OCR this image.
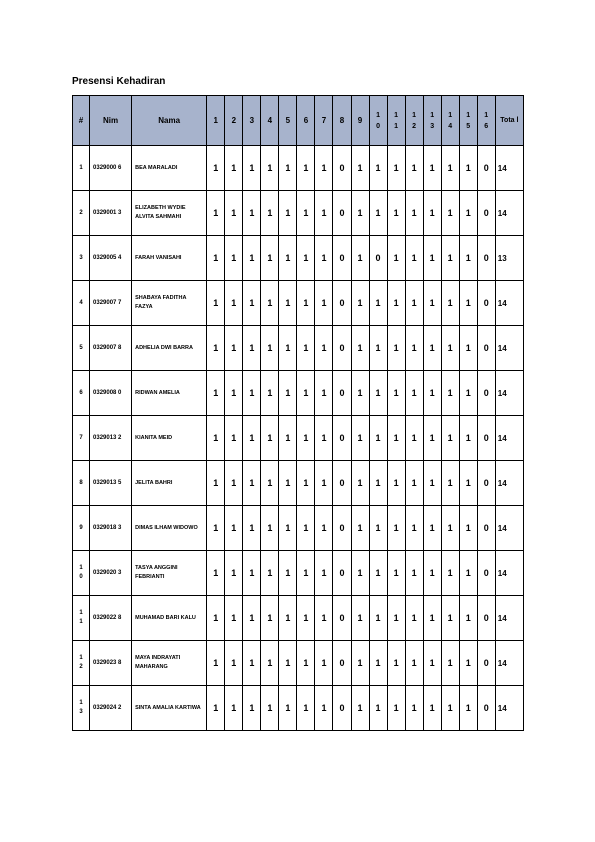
Presensi Kehadiran
#	Nim	Nama	1	2	3	4	5	6	7	8	9	1 0	1 1	1 2	1 3	1 4	1 5	1 6	Tota l
1	0329000 6	BEA MARALADI	1	1	1	1	1	1	1	0	1	1	1	1	1	1	1	0	14
2	0329001 3	ELIZABETH WYDIE ALVITA SAHMAHI	1	1	1	1	1	1	1	0	1	1	1	1	1	1	1	0	14
3	0329005 4	FARAH VANISAHI	1	1	1	1	1	1	1	0	1	0	1	1	1	1	1	0	13
4	0329007 7	SHABAYA FADITHA FAZYA	1	1	1	1	1	1	1	0	1	1	1	1	1	1	1	0	14
5	0329007 8	ADHELIA DWI BARRA	1	1	1	1	1	1	1	0	1	1	1	1	1	1	1	0	14
6	0329008 0	RIDWAN AMELIA	1	1	1	1	1	1	1	0	1	1	1	1	1	1	1	0	14
7	0329013 2	KIANITA MEID	1	1	1	1	1	1	1	0	1	1	1	1	1	1	1	0	14
8	0329013 5	JELITA BAHRI	1	1	1	1	1	1	1	0	1	1	1	1	1	1	1	0	14
9	0329018 3	DIMAS ILHAM WIDOWO	1	1	1	1	1	1	1	0	1	1	1	1	1	1	1	0	14
1 0	0329020 3	TASYA ANGGINI FEBRIANTI	1	1	1	1	1	1	1	0	1	1	1	1	1	1	1	0	14
1 1	0329022 8	MUHAMAD BARI KALU	1	1	1	1	1	1	1	0	1	1	1	1	1	1	1	0	14
1 2	0329023 8	MAYA INDRAYATI MAHARANG	1	1	1	1	1	1	1	0	1	1	1	1	1	1	1	0	14
1 3	0329024 2	SINTA AMALIA KARTIWA	1	1	1	1	1	1	1	0	1	1	1	1	1	1	1	0	14
